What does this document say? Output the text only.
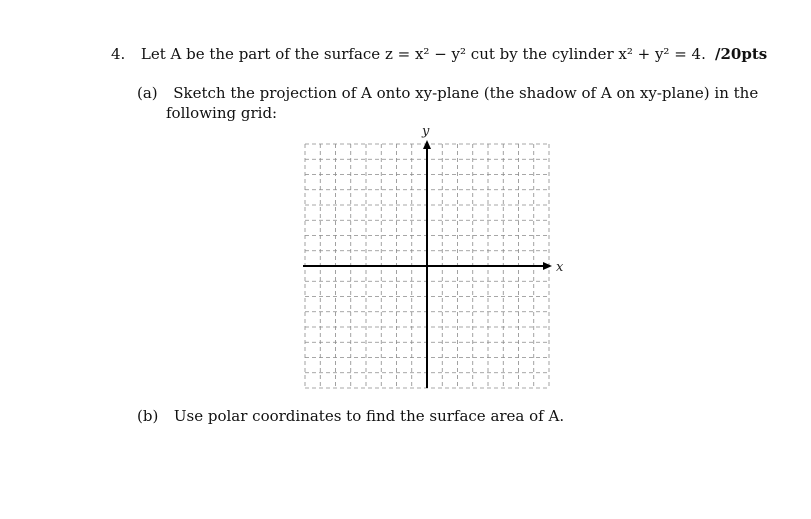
4. Let A be the part of the surface z = x² − y² cut by the cylinder x² + y² = 4. /20pts
(a) Sketch the projection of A onto xy-plane (the shadow of A on xy-plane) in the
following grid:
x
y
(b) Use polar coordinates to find the surface area of A.
